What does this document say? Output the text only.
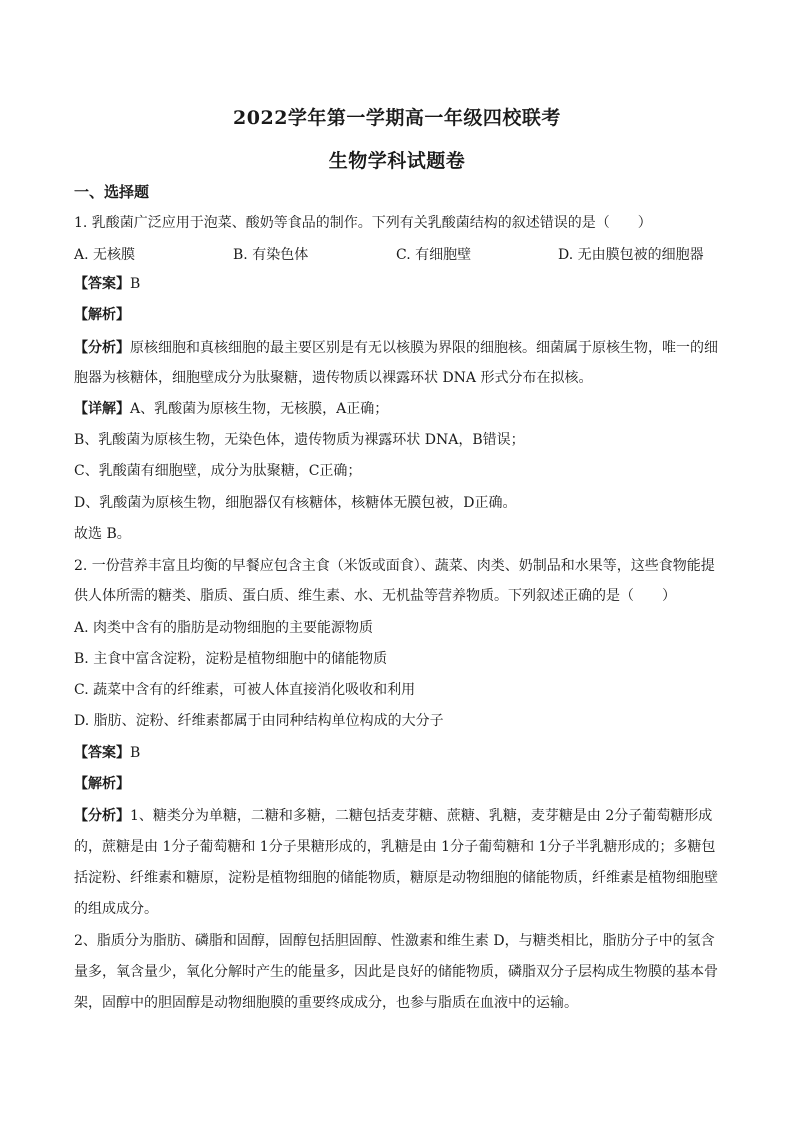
2022学年第一学期高一年级四校联考
生物学科试题卷
一、选择题
1. 乳酸菌广泛应用于泡菜、酸奶等食品的制作。下列有关乳酸菌结构的叙述错误的是（　　）
A. 无核膜	B. 有染色体	C. 有细胞壁	D. 无由膜包被的细胞器
【答案】B
【解析】
【分析】原核细胞和真核细胞的最主要区别是有无以核膜为界限的细胞核。细菌属于原核生物，唯一的细
胞器为核糖体，细胞壁成分为肽聚糖，遗传物质以裸露环状 DNA 形式分布在拟核。
【详解】A、乳酸菌为原核生物，无核膜，A正确；
B、乳酸菌为原核生物，无染色体，遗传物质为裸露环状 DNA，B错误；
C、乳酸菌有细胞壁，成分为肽聚糖，C正确；
D、乳酸菌为原核生物，细胞器仅有核糖体，核糖体无膜包被，D正确。
故选 B。
2. 一份营养丰富且均衡的早餐应包含主食（米饭或面食）、蔬菜、肉类、奶制品和水果等，这些食物能提
供人体所需的糖类、脂质、蛋白质、维生素、水、无机盐等营养物质。下列叙述正确的是（　　）
A. 肉类中含有的脂肪是动物细胞的主要能源物质
B. 主食中富含淀粉，淀粉是植物细胞中的储能物质
C. 蔬菜中含有的纤维素，可被人体直接消化吸收和利用
D. 脂肪、淀粉、纤维素都属于由同种结构单位构成的大分子
【答案】B
【解析】
【分析】1、糖类分为单糖，二糖和多糖，二糖包括麦芽糖、蔗糖、乳糖，麦芽糖是由 2分子葡萄糖形成
的，蔗糖是由 1分子葡萄糖和 1分子果糖形成的，乳糖是由 1分子葡萄糖和 1分子半乳糖形成的；多糖包
括淀粉、纤维素和糖原，淀粉是植物细胞的储能物质，糖原是动物细胞的储能物质，纤维素是植物细胞壁
的组成成分。
2、脂质分为脂肪、磷脂和固醇，固醇包括胆固醇、性激素和维生素 D，与糖类相比，脂肪分子中的氢含
量多，氧含量少，氧化分解时产生的能量多，因此是良好的储能物质，磷脂双分子层构成生物膜的基本骨
架，固醇中的胆固醇是动物细胞膜的重要终成成分，也参与脂质在血液中的运输。
